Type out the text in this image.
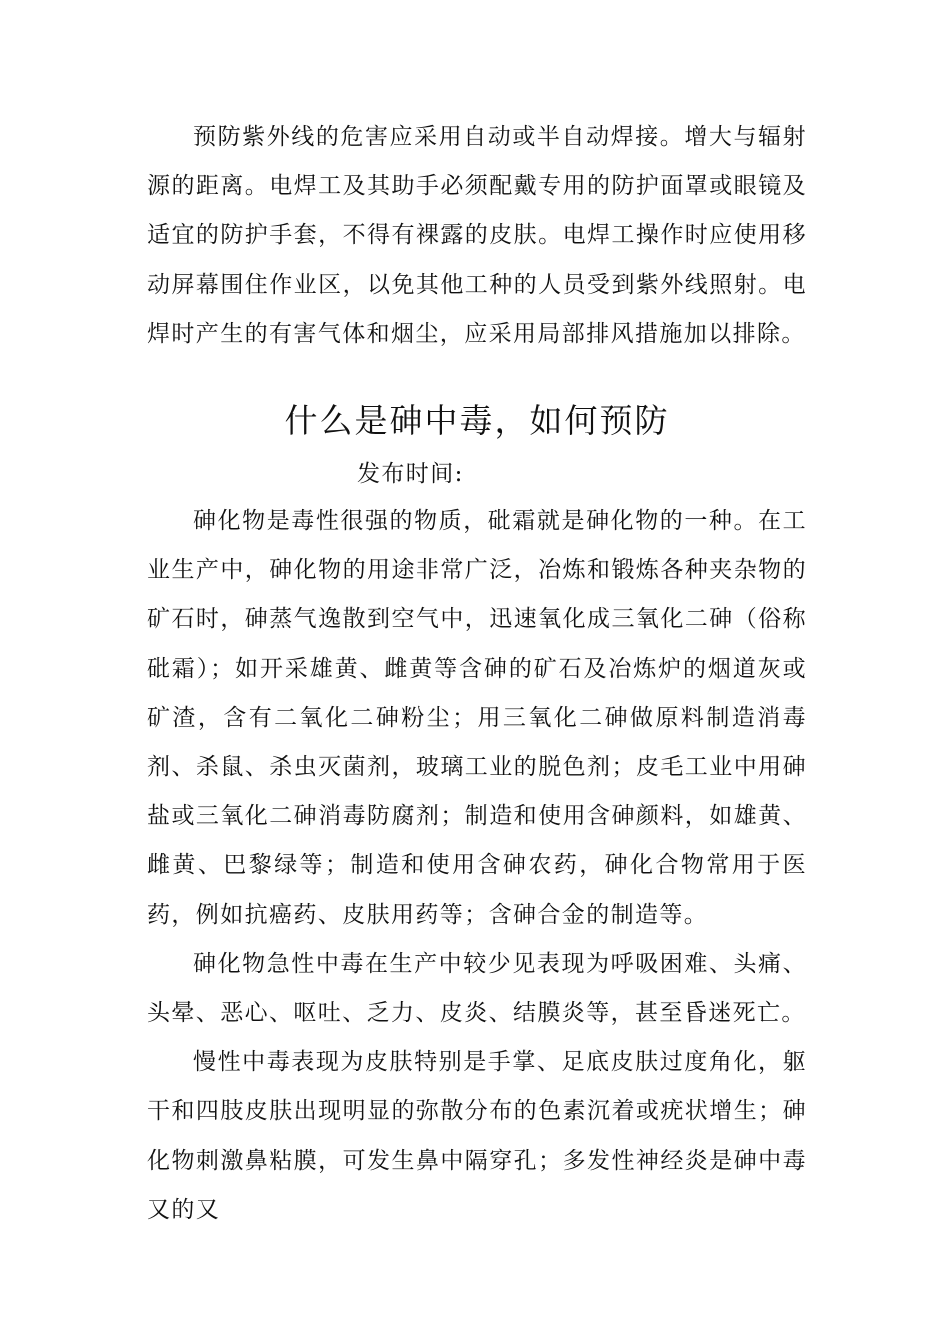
预防紫外线的危害应采用自动或半自动焊接。增大与辐射源的距离。电焊工及其助手必须配戴专用的防护面罩或眼镜及适宜的防护手套，不得有裸露的皮肤。电焊工操作时应使用移动屏幕围住作业区，以免其他工种的人员受到紫外线照射。电焊时产生的有害气体和烟尘，应采用局部排风措施加以排除。

什么是砷中毒，如何预防
发布时间:

砷化物是毒性很强的物质，砒霜就是砷化物的一种。在工业生产中，砷化物的用途非常广泛，冶炼和锻炼各种夹杂物的矿石时，砷蒸气逸散到空气中，迅速氧化成三氧化二砷（俗称砒霜）；如开采雄黄、雌黄等含砷的矿石及冶炼炉的烟道灰或矿渣，含有二氧化二砷粉尘；用三氧化二砷做原料制造消毒剂、杀鼠、杀虫灭菌剂，玻璃工业的脱色剂；皮毛工业中用砷盐或三氧化二砷消毒防腐剂；制造和使用含砷颜料，如雄黄、雌黄、巴黎绿等；制造和使用含砷农药，砷化合物常用于医药，例如抗癌药、皮肤用药等；含砷合金的制造等。

砷化物急性中毒在生产中较少见表现为呼吸困难、头痛、头晕、恶心、呕吐、乏力、皮炎、结膜炎等，甚至昏迷死亡。

慢性中毒表现为皮肤特别是手掌、足底皮肤过度角化，躯干和四肢皮肤出现明显的弥散分布的色素沉着或疣状增生；砷化物刺激鼻粘膜，可发生鼻中隔穿孔；多发性神经炎是砷中毒又的又
